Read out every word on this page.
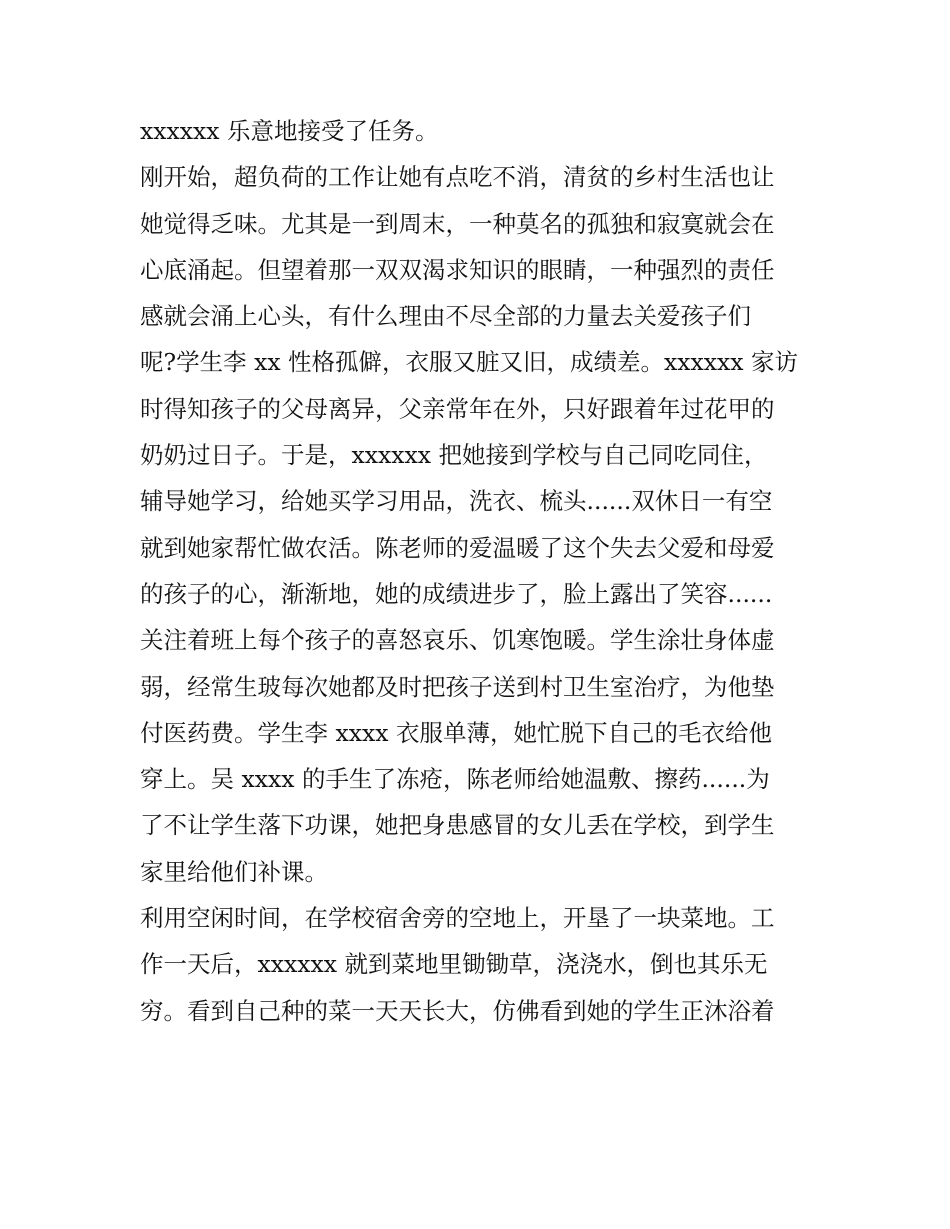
xxxxxx 乐意地接受了任务。
刚开始，超负荷的工作让她有点吃不消，清贫的乡村生活也让
她觉得乏味。尤其是一到周末，一种莫名的孤独和寂寞就会在
心底涌起。但望着那一双双渴求知识的眼睛，一种强烈的责任
感就会涌上心头，有什么理由不尽全部的力量去关爱孩子们
呢?学生李 xx 性格孤僻，衣服又脏又旧，成绩差。xxxxxx 家访
时得知孩子的父母离异，父亲常年在外，只好跟着年过花甲的
奶奶过日子。于是，xxxxxx 把她接到学校与自己同吃同住，
辅导她学习，给她买学习用品，洗衣、梳头......双休日一有空
就到她家帮忙做农活。陈老师的爱温暖了这个失去父爱和母爱
的孩子的心，渐渐地，她的成绩进步了，脸上露出了笑容......
关注着班上每个孩子的喜怒哀乐、饥寒饱暖。学生涂壮身体虚
弱，经常生玻每次她都及时把孩子送到村卫生室治疗，为他垫
付医药费。学生李 xxxx 衣服单薄，她忙脱下自己的毛衣给他
穿上。吴 xxxx 的手生了冻疮，陈老师给她温敷、擦药......为
了不让学生落下功课，她把身患感冒的女儿丢在学校，到学生
家里给他们补课。
利用空闲时间，在学校宿舍旁的空地上，开垦了一块菜地。工
作一天后，xxxxxx 就到菜地里锄锄草，浇浇水，倒也其乐无
穷。看到自己种的菜一天天长大，仿佛看到她的学生正沐浴着
